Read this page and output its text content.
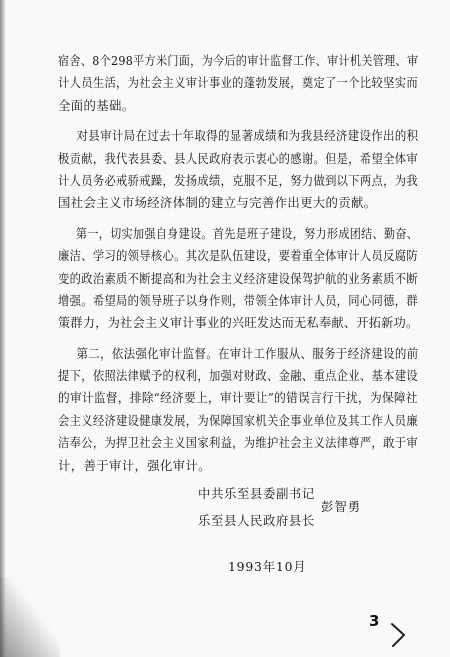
宿舍、8个298平方米门面，为今后的审计监督工作、审计机关管理、审
计人员生活，为社会主义审计事业的蓬勃发展，奠定了一个比较坚实而
全面的基础。
对县审计局在过去十年取得的显著成绩和为我县经济建设作出的积
极贡献，我代表县委、县人民政府表示衷心的感谢。但是，希望全体审
计人员务必戒骄戒躁，发扬成绩，克服不足，努力做到以下两点，为我
国社会主义市场经济体制的建立与完善作出更大的贡献。
第一，切实加强自身建设。首先是班子建设，努力形成团结、勤奋、
廉洁、学习的领导核心。其次是队伍建设，要着重全体审计人员反腐防
变的政治素质不断提高和为社会主义经济建设保驾护航的业务素质不断
增强。希望局的领导班子以身作则，带领全体审计人员，同心同德，群
策群力，为社会主义审计事业的兴旺发达而无私奉献、开拓新功。
第二，依法强化审计监督。在审计工作服从、服务于经济建设的前
提下，依照法律赋予的权利，加强对财政、金融、重点企业、基本建设
的审计监督，排除“经济要上，审计要让”的错误言行干扰，为保障社
会主义经济建设健康发展，为保障国家机关企事业单位及其工作人员廉
洁奉公，为捍卫社会主义国家利益，为维护社会主义法律尊严，敢于审
计，善于审计，强化审计。
中共乐至县委副书记
彭智勇
乐至县人民政府县长
1993年10月
3
